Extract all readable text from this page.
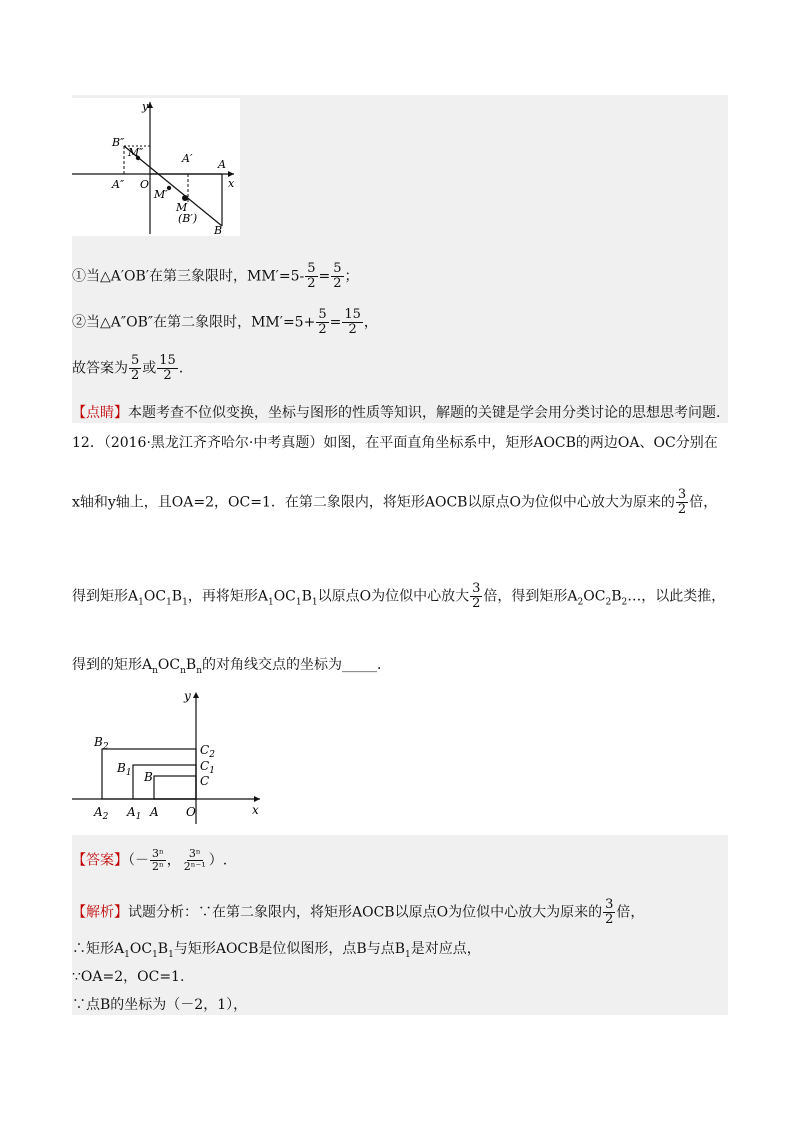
y
x
O
B″
M″
A″
A′ A
M′
M
(B′)
B
①当△A′OB′在第三象限时，$MM'=5- \frac{5}{2} = \frac{5}{2}$ ；
②当△A″OB″在第二象限时，$MM'=5+ \frac{5}{2} = \frac{15}{2}$ ，
故答案为 $\frac{5}{2}$ 或 $\frac{15}{2}$ ．
【点睛】本题考查不位似变换，坐标与图形的性质等知识，解题的关键是学会用分类讨论的思想思考问题.
12．（2016·黑龙江齐齐哈尔·中考真题）如图，在平面直角坐标系中，矩形AOCB的两边OA、OC分别在
x轴和y轴上，且OA=2，OC=1．在第二象限内，将矩形AOCB以原点O为位似中心放大为原来的 $\frac{3}{2}$ 倍，
得到矩形$A_1OC_1B_1$，再将矩形$A_1OC_1B_1$以原点O为位似中心放大 $\frac{3}{2}$ 倍，得到矩形$A_2OC_2B_2\dots$，以此类推，
得到的矩形$A_nOC_nB_n$的对角线交点的坐标为_____．
y
x
O
$A_2$ $A_1$ A
$B_2$
$B_1$ B
$C_2$
$C_1$
C
【答案】（－ $\frac{\text{3ⁿ}}{\text{2ⁿ}}$ ， $\frac{\text{3ⁿ}}{\text{2ⁿ⁻¹}}$ ）.
【解析】试题分析：∵在第二象限内，将矩形AOCB以原点O为位似中心放大为原来的 $\frac{3}{2}$ 倍，
∴矩形$A_1OC_1B_1$与矩形AOCB是位似图形，点B与点$B_1$是对应点，
∵OA=2，OC=1.
∵点B的坐标为（－2，1），
